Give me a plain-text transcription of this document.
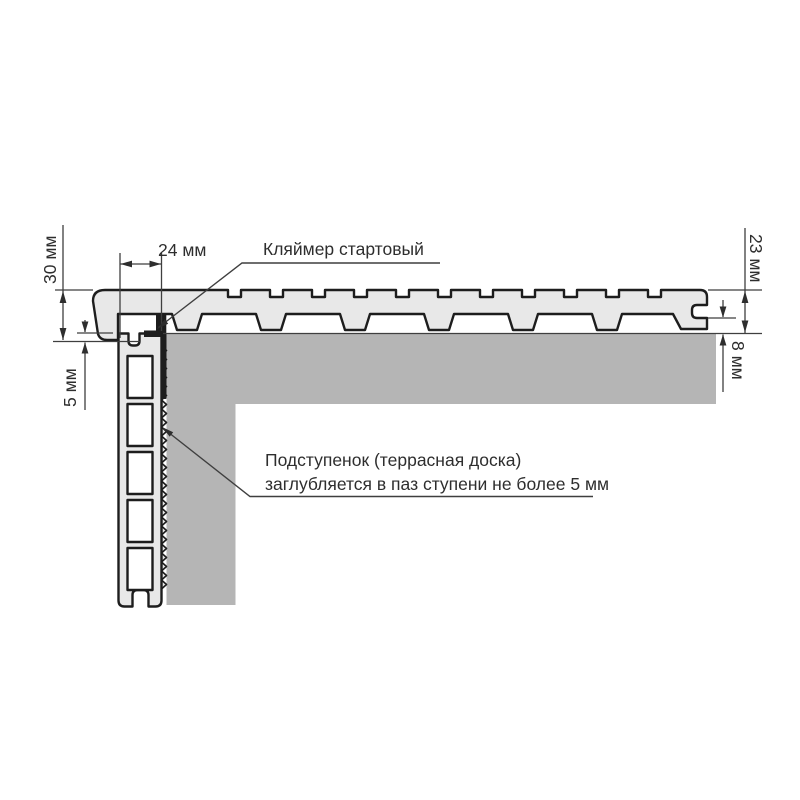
30 мм
5 мм
24 мм	23 мм
8 мм
Кляймер стартовый
Подступенок (террасная доска)
заглубляется в паз ступени не более 5 мм
